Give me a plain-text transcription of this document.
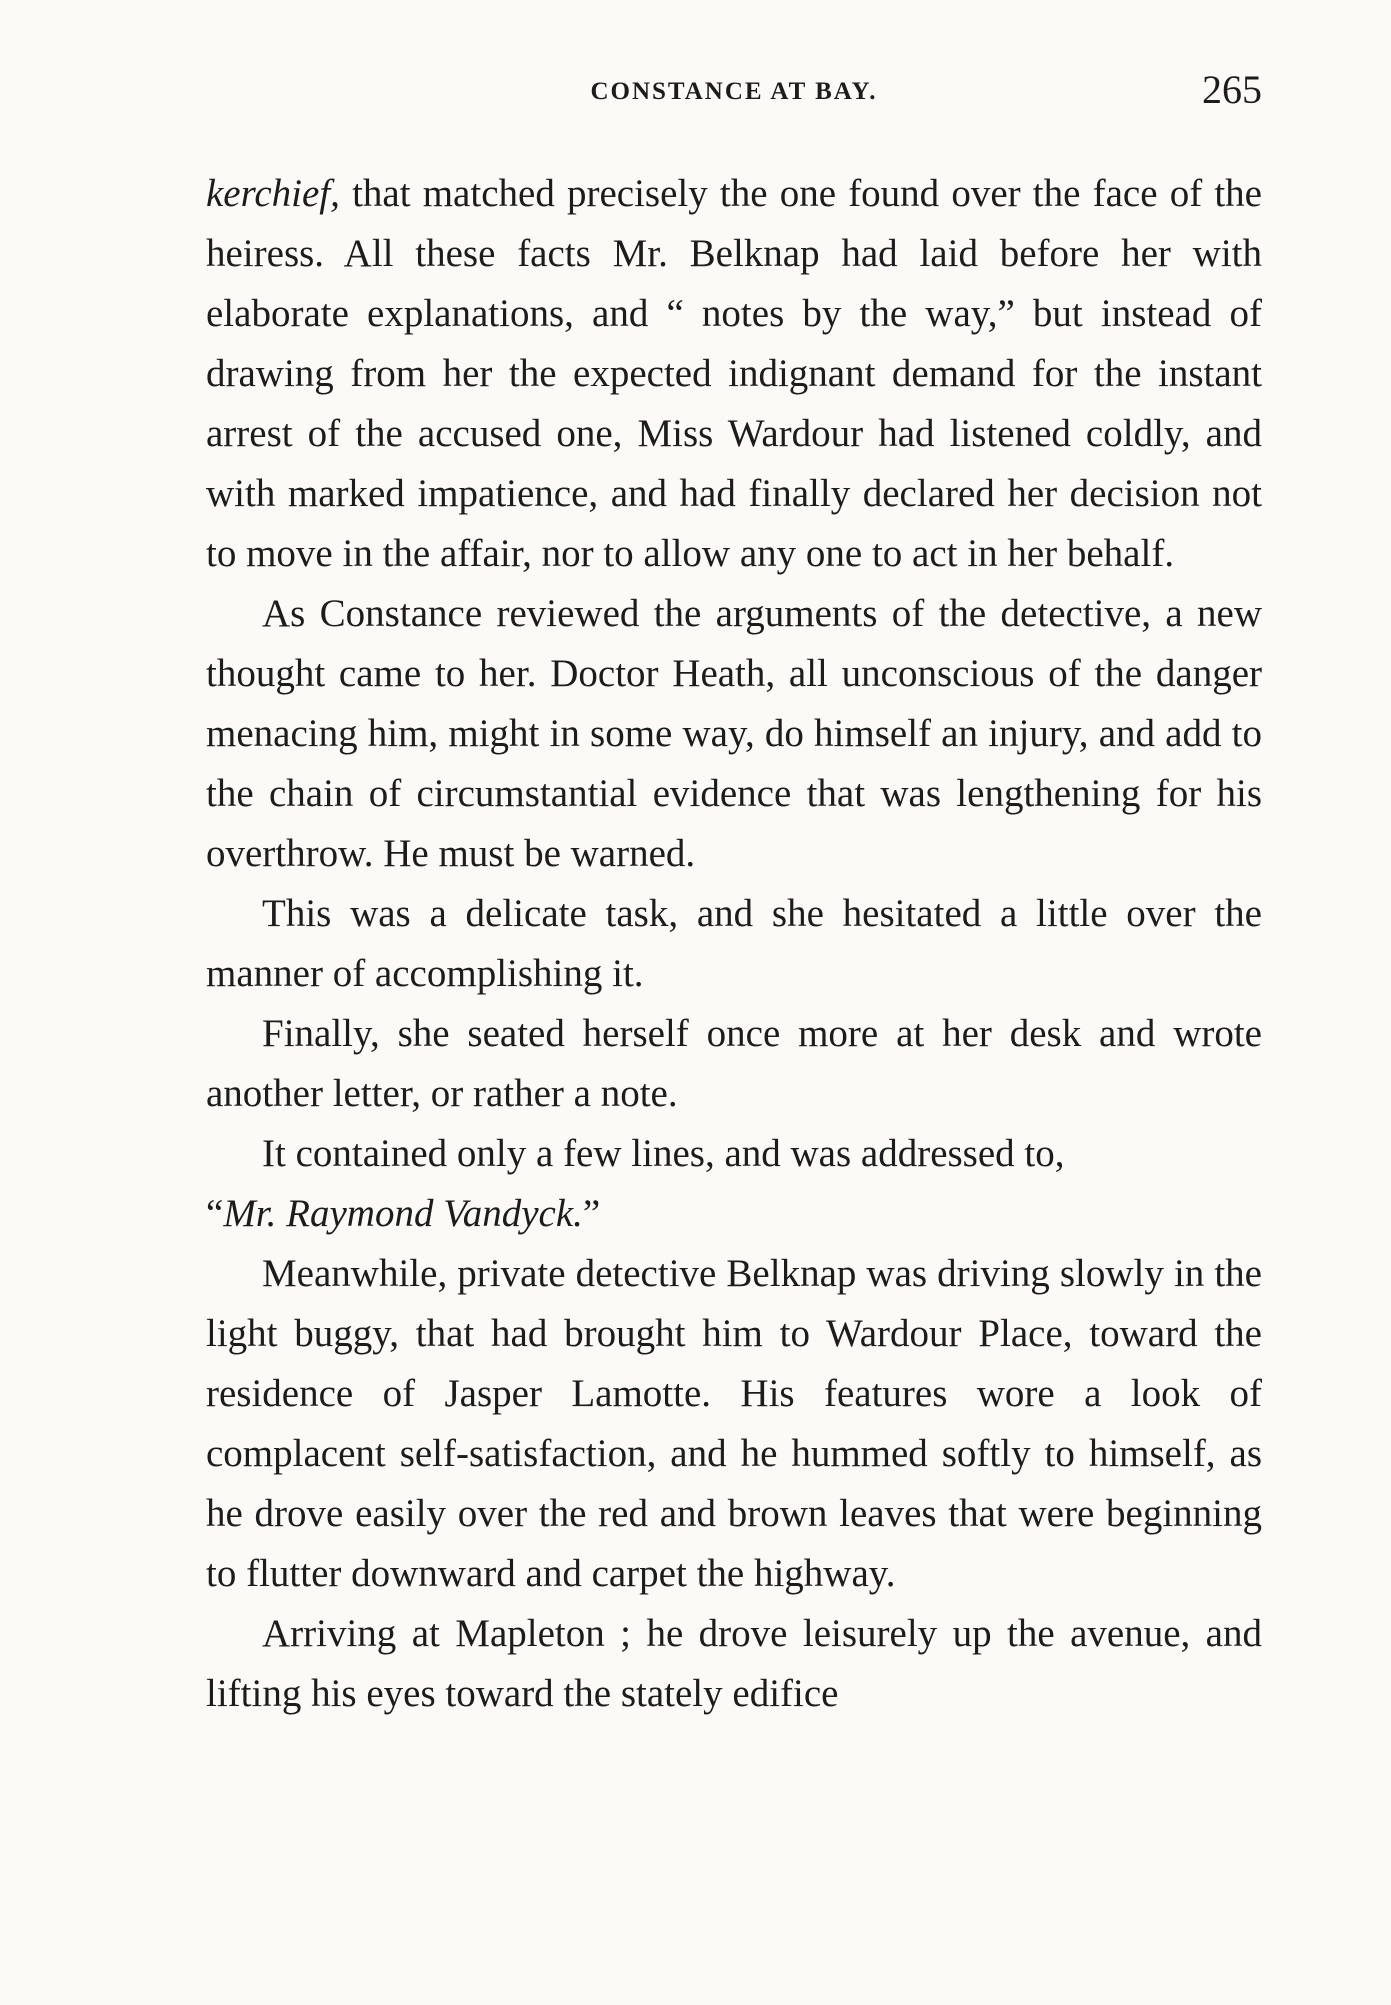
CONSTANCE AT BAY.	265

kerchief, that matched precisely the one found over the face of the heiress. All these facts Mr. Belknap had laid before her with elaborate explanations, and “ notes by the way,” but instead of drawing from her the expected indignant demand for the instant arrest of the accused one, Miss Wardour had listened coldly, and with marked impatience, and had finally declared her decision not to move in the affair, nor to allow any one to act in her behalf.

As Constance reviewed the arguments of the detective, a new thought came to her. Doctor Heath, all unconscious of the danger menacing him, might in some way, do himself an injury, and add to the chain of circumstantial evidence that was lengthening for his overthrow. He must be warned.

This was a delicate task, and she hesitated a little over the manner of accomplishing it.

Finally, she seated herself once more at her desk and wrote another letter, or rather a note.

It contained only a few lines, and was addressed to,
“Mr. Raymond Vandyck.”

Meanwhile, private detective Belknap was driving slowly in the light buggy, that had brought him to Wardour Place, toward the residence of Jasper Lamotte. His features wore a look of complacent self-satisfaction, and he hummed softly to himself, as he drove easily over the red and brown leaves that were beginning to flutter downward and carpet the highway.

Arriving at Mapleton ; he drove leisurely up the avenue, and lifting his eyes toward the stately edifice
